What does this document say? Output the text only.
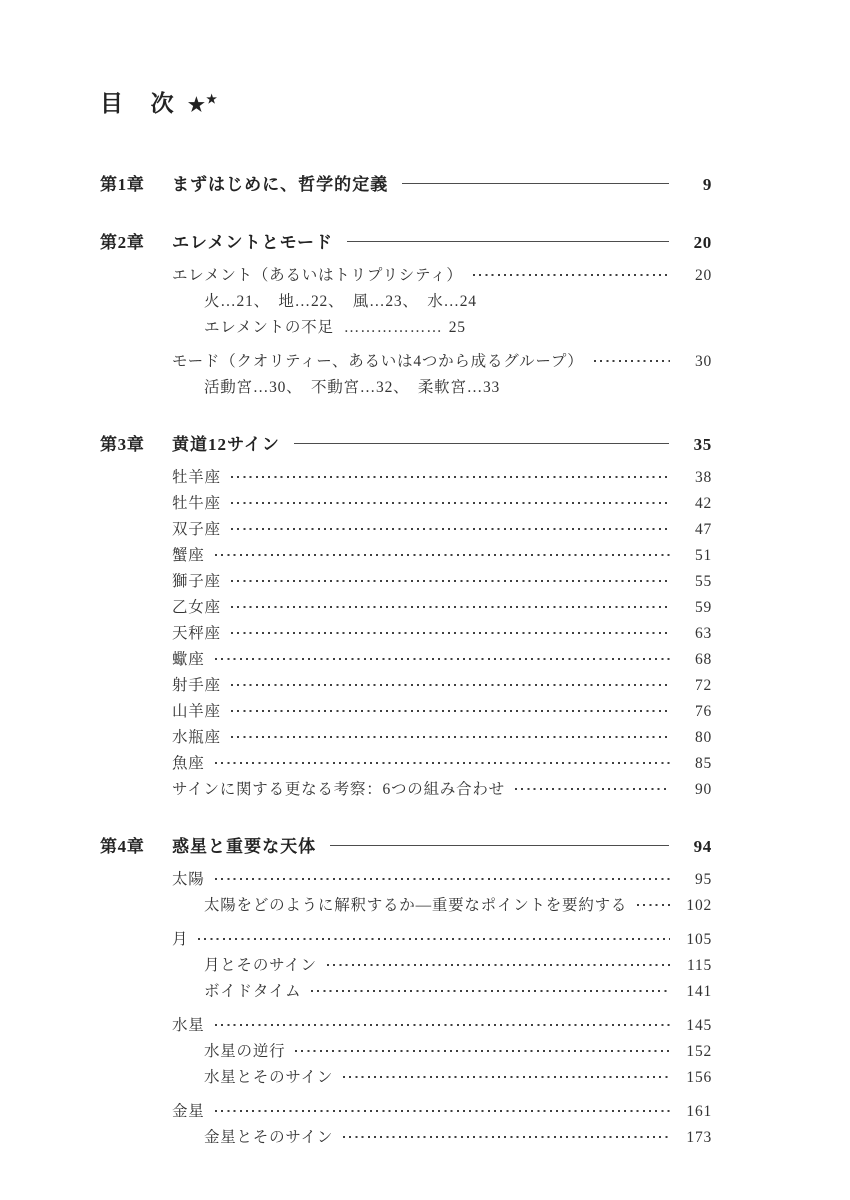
目　次 ★★
第1章	まずはじめに、哲学的定義	9
第2章	エレメントとモード	20
エレメント（あるいはトリプリシティ）	20
火…21、　地…22、　風…23、　水…24
エレメントの不足 ……………… 25
モード（クオリティー、あるいは4つから成るグループ）	30
活動宮…30、　不動宮…32、　柔軟宮…33
第3章	黄道12サイン	35
牡羊座	38
牡牛座	42
双子座	47
蟹座	51
獅子座	55
乙女座	59
天秤座	63
蠍座	68
射手座	72
山羊座	76
水瓶座	80
魚座	85
サインに関する更なる考察：6つの組み合わせ	90
第4章	惑星と重要な天体	94
太陽	95
太陽をどのように解釈するか―重要なポイントを要約する	102
月	105
月とそのサイン	115
ボイドタイム	141
水星	145
水星の逆行	152
水星とそのサイン	156
金星	161
金星とそのサイン	173
